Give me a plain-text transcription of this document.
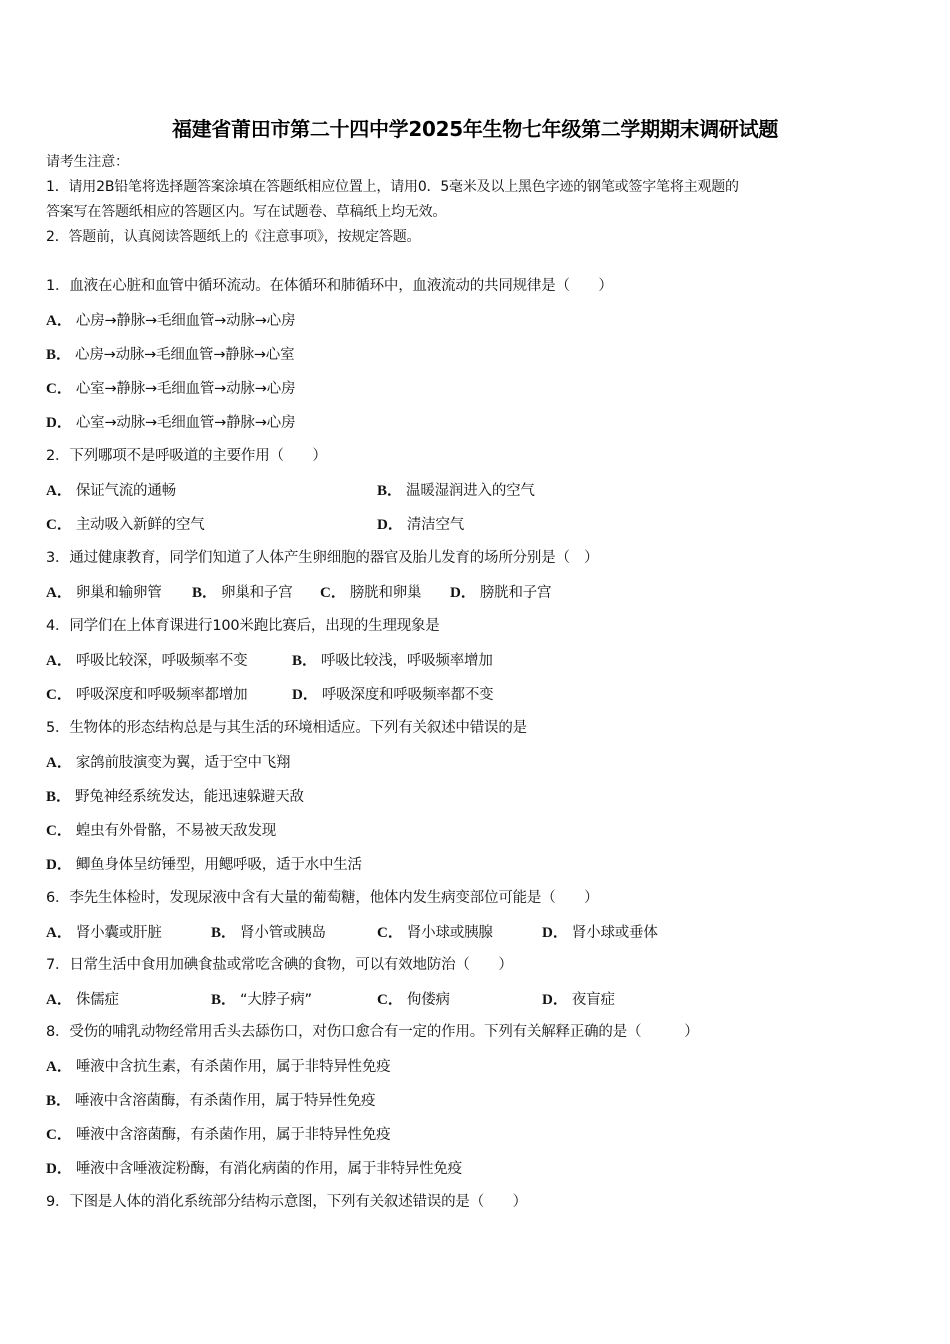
福建省莆田市第二十四中学2025年生物七年级第二学期期末调研试题
请考生注意：
1．请用2B铅笔将选择题答案涂填在答题纸相应位置上，请用0．5毫米及以上黑色字迹的钢笔或签字笔将主观题的
答案写在答题纸相应的答题区内。写在试题卷、草稿纸上均无效。
2．答题前，认真阅读答题纸上的《注意事项》，按规定答题。
1．血液在心脏和血管中循环流动。在体循环和肺循环中，血液流动的共同规律是（　　）
A． 心房→静脉→毛细血管→动脉→心房
B． 心房→动脉→毛细血管→静脉→心室
C． 心室→静脉→毛细血管→动脉→心房
D． 心室→动脉→毛细血管→静脉→心房
2．下列哪项不是呼吸道的主要作用（　　）
A． 保证气流的通畅	B． 温暖湿润进入的空气
C． 主动吸入新鲜的空气	D． 清洁空气
3．通过健康教育，同学们知道了人体产生卵细胞的器官及胎儿发育的场所分别是（　）
A． 卵巢和输卵管 B． 卵巢和子宫 C． 膀胱和卵巢 D． 膀胱和子宫
4．同学们在上体育课进行100米跑比赛后，出现的生理现象是
A． 呼吸比较深，呼吸频率不变	B． 呼吸比较浅，呼吸频率增加
C． 呼吸深度和呼吸频率都增加	D． 呼吸深度和呼吸频率都不变
5．生物体的形态结构总是与其生活的环境相适应。下列有关叙述中错误的是
A． 家鸽前肢演变为翼，适于空中飞翔
B． 野兔神经系统发达，能迅速躲避天敌
C． 蝗虫有外骨骼，不易被天敌发现
D． 鲫鱼身体呈纺锤型，用鳃呼吸，适于水中生活
6．李先生体检时，发现尿液中含有大量的葡萄糖，他体内发生病变部位可能是（　　）
A． 肾小囊或肝脏	B． 肾小管或胰岛	C． 肾小球或胰腺	D． 肾小球或垂体
7．日常生活中食用加碘食盐或常吃含碘的食物，可以有效地防治（　　）
A． 侏儒症	B． “大脖子病”	C． 佝偻病	D． 夜盲症
8．受伤的哺乳动物经常用舌头去舔伤口，对伤口愈合有一定的作用。下列有关解释正确的是（　　　）
A． 唾液中含抗生素，有杀菌作用，属于非特异性免疫
B． 唾液中含溶菌酶，有杀菌作用，属于特异性免疫
C． 唾液中含溶菌酶，有杀菌作用，属于非特异性免疫
D． 唾液中含唾液淀粉酶，有消化病菌的作用，属于非特异性免疫
9．下图是人体的消化系统部分结构示意图，下列有关叙述错误的是（　　）
